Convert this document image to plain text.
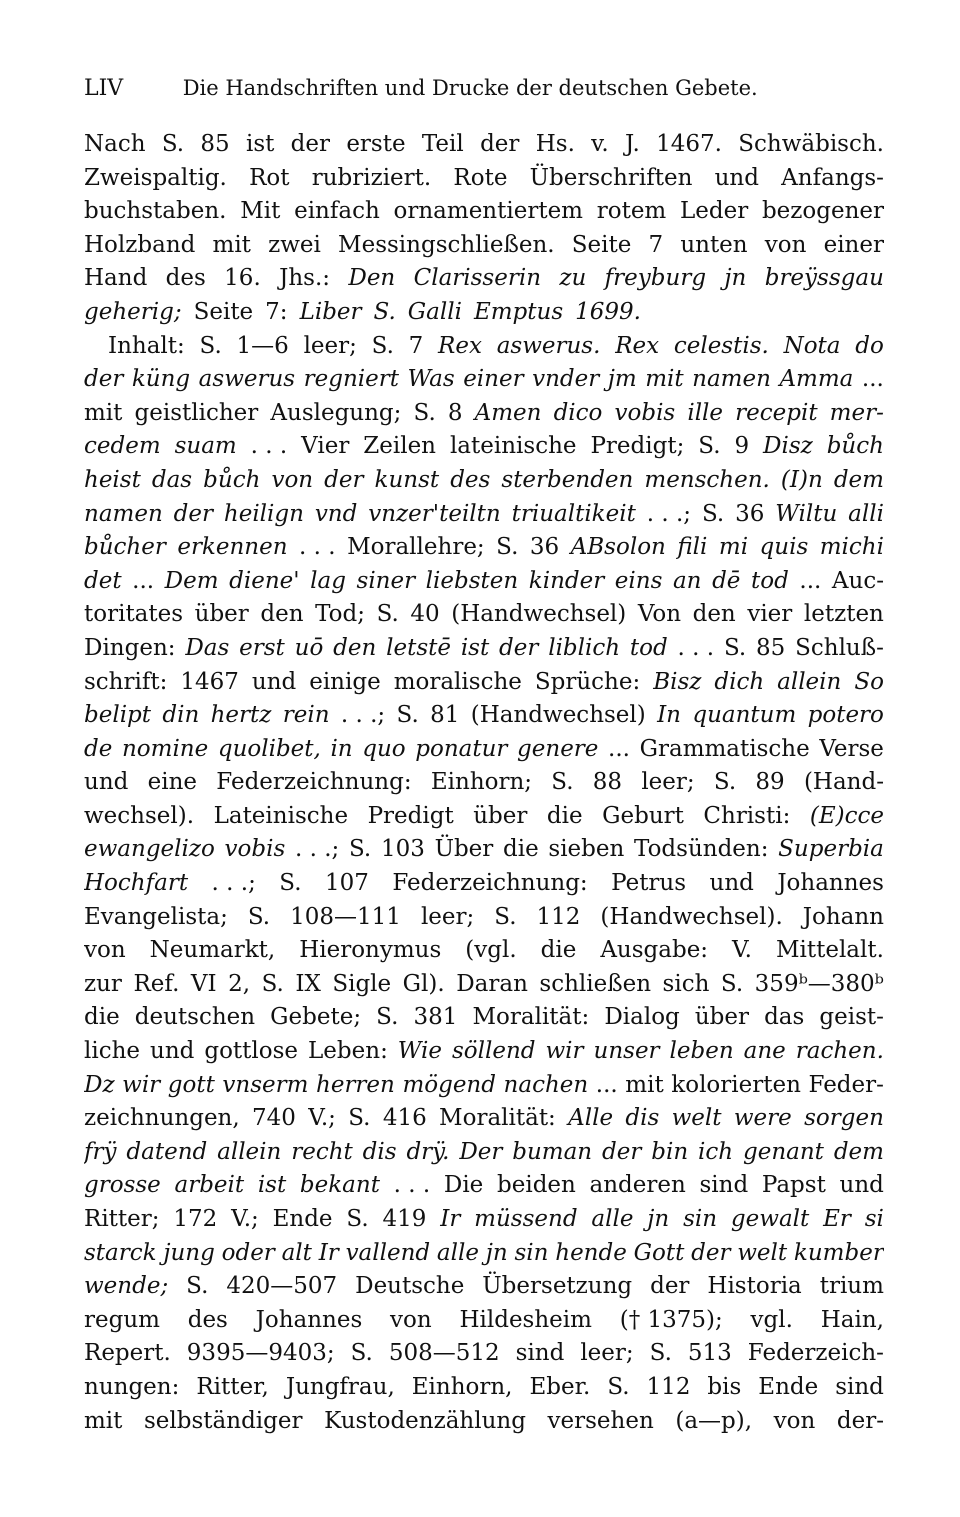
LIV	Die Handschriften und Drucke der deutschen Gebete.
Nach S. 85 ist der erste Teil der Hs. v. J. 1467. Schwäbisch.
Zweispaltig. Rot rubriziert. Rote Überschriften und Anfangs-
buchstaben. Mit einfach ornamentiertem rotem Leder bezogener
Holzband mit zwei Messingschließen. Seite 7 unten von einer
Hand des 16. Jhs.: Den Clarisserin zu freyburg jn breÿssgau
geherig; Seite 7: Liber S. Galli Emptus 1699.
Inhalt: S. 1—6 leer; S. 7 Rex aswerus. Rex celestis. Nota do
der küng aswerus regniert Was einer vnder jm mit namen Amma ...
mit geistlicher Auslegung; S. 8 Amen dico vobis ille recepit mer-
cedem suam . . . Vier Zeilen lateinische Predigt; S. 9 Disz bůch
heist das bůch von der kunst des sterbenden menschen. (I)n dem
namen der heilign vnd vnzer'teiltn triualtikeit . . .; S. 36 Wiltu alli
bůcher erkennen . . . Morallehre; S. 36 ABsolon fili mi quis michi
det ... Dem diene' lag siner liebsten kinder eins an dē tod ... Auc-
toritates über den Tod; S. 40 (Handwechsel) Von den vier letzten
Dingen: Das erst uō den letstē ist der liblich tod . . . S. 85 Schluß-
schrift: 1467 und einige moralische Sprüche: Bisz dich allein So
belipt din hertz rein . . .; S. 81 (Handwechsel) In quantum potero
de nomine quolibet, in quo ponatur genere ... Grammatische Verse
und eine Federzeichnung: Einhorn; S. 88 leer; S. 89 (Hand-
wechsel). Lateinische Predigt über die Geburt Christi: (E)cce
ewangelizo vobis . . .; S. 103 Über die sieben Todsünden: Superbia
Hochfart . . .; S. 107 Federzeichnung: Petrus und Johannes
Evangelista; S. 108—111 leer; S. 112 (Handwechsel). Johann
von Neumarkt, Hieronymus (vgl. die Ausgabe: V. Mittelalt.
zur Ref. VI 2, S. IX Sigle Gl). Daran schließen sich S. 359ᵇ—380ᵇ
die deutschen Gebete; S. 381 Moralität: Dialog über das geist-
liche und gottlose Leben: Wie söllend wir unser leben ane rachen.
Dz wir gott vnserm herren mögend nachen ... mit kolorierten Feder-
zeichnungen, 740 V.; S. 416 Moralität: Alle dis welt were sorgen
frÿ datend allein recht dis drÿ. Der buman der bin ich genant dem
grosse arbeit ist bekant . . . Die beiden anderen sind Papst und
Ritter; 172 V.; Ende S. 419 Ir müssend alle jn sin gewalt Er si
starck jung oder alt Ir vallend alle jn sin hende Gott der welt kumber
wende; S. 420—507 Deutsche Übersetzung der Historia trium
regum des Johannes von Hildesheim († 1375); vgl. Hain,
Repert. 9395—9403; S. 508—512 sind leer; S. 513 Federzeich-
nungen: Ritter, Jungfrau, Einhorn, Eber. S. 112 bis Ende sind
mit selbständiger Kustodenzählung versehen (a—p), von der-
